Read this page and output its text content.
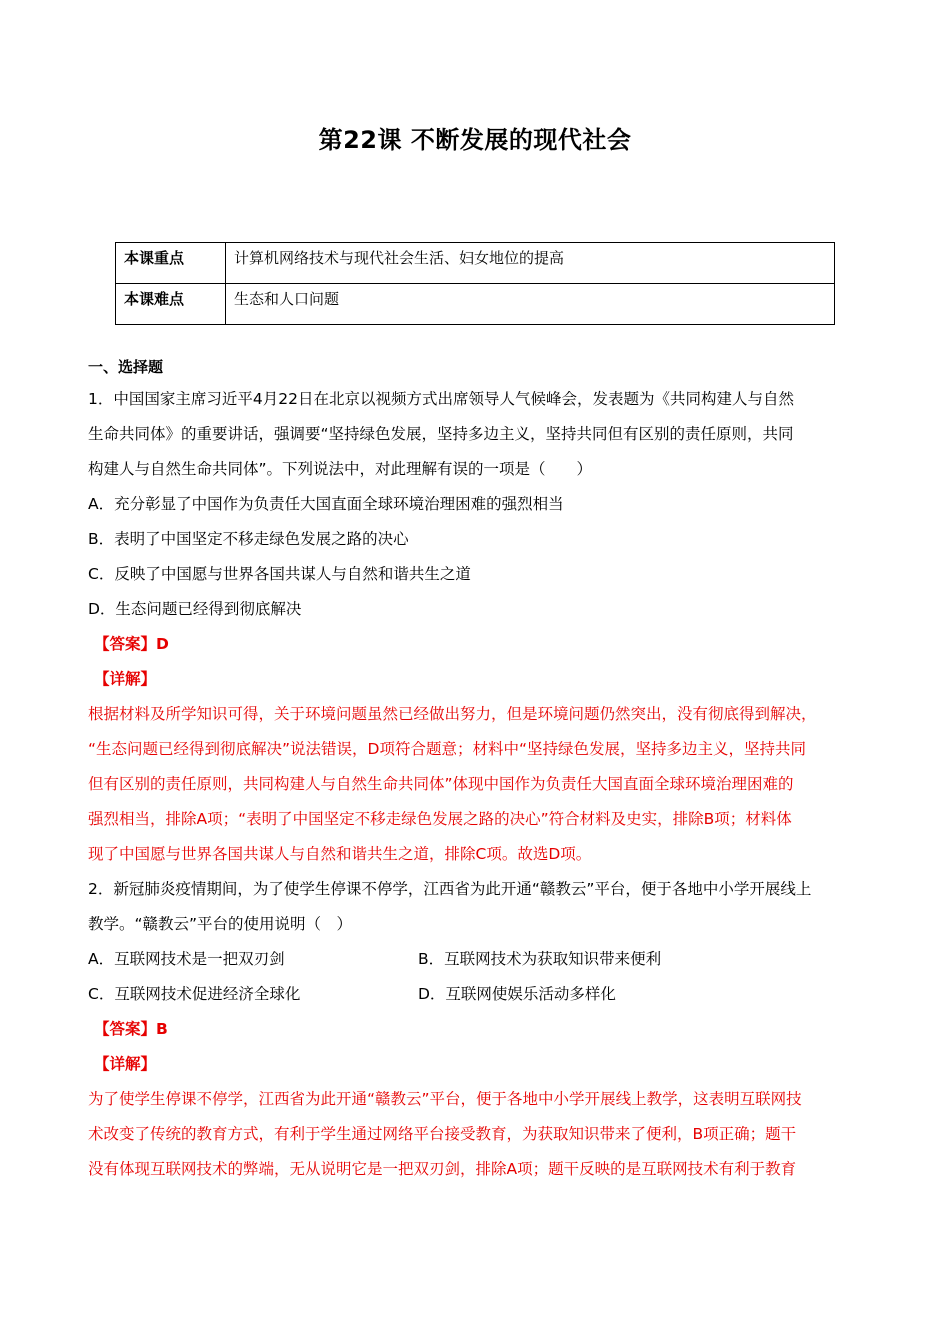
第22课 不断发展的现代社会
本课重点	计算机网络技术与现代社会生活、妇女地位的提高
本课难点	生态和人口问题
一、选择题
1．中国国家主席习近平4月22日在北京以视频方式出席领导人气候峰会，发表题为《共同构建人与自然
生命共同体》的重要讲话，强调要“坚持绿色发展，坚持多边主义，坚持共同但有区别的责任原则，共同
构建人与自然生命共同体”。下列说法中，对此理解有误的一项是（　　）
A．充分彰显了中国作为负责任大国直面全球环境治理困难的强烈相当
B．表明了中国坚定不移走绿色发展之路的决心
C．反映了中国愿与世界各国共谋人与自然和谐共生之道
D．生态问题已经得到彻底解决
【答案】D
【详解】
根据材料及所学知识可得，关于环境问题虽然已经做出努力，但是环境问题仍然突出，没有彻底得到解决，
“生态问题已经得到彻底解决”说法错误，D项符合题意；材料中“坚持绿色发展，坚持多边主义，坚持共同
但有区别的责任原则，共同构建人与自然生命共同体”体现中国作为负责任大国直面全球环境治理困难的
强烈相当，排除A项；“表明了中国坚定不移走绿色发展之路的决心”符合材料及史实，排除B项；材料体
现了中国愿与世界各国共谋人与自然和谐共生之道，排除C项。故选D项。
2．新冠肺炎疫情期间，为了使学生停课不停学，江西省为此开通“赣教云”平台，便于各地中小学开展线上
教学。“赣教云”平台的使用说明（　）
A．互联网技术是一把双刃剑	B．互联网技术为获取知识带来便利
C．互联网技术促进经济全球化	D．互联网使娱乐活动多样化
【答案】B
【详解】
为了使学生停课不停学，江西省为此开通“赣教云”平台，便于各地中小学开展线上教学，这表明互联网技
术改变了传统的教育方式，有利于学生通过网络平台接受教育，为获取知识带来了便利，B项正确；题干
没有体现互联网技术的弊端，无从说明它是一把双刃剑，排除A项；题干反映的是互联网技术有利于教育
